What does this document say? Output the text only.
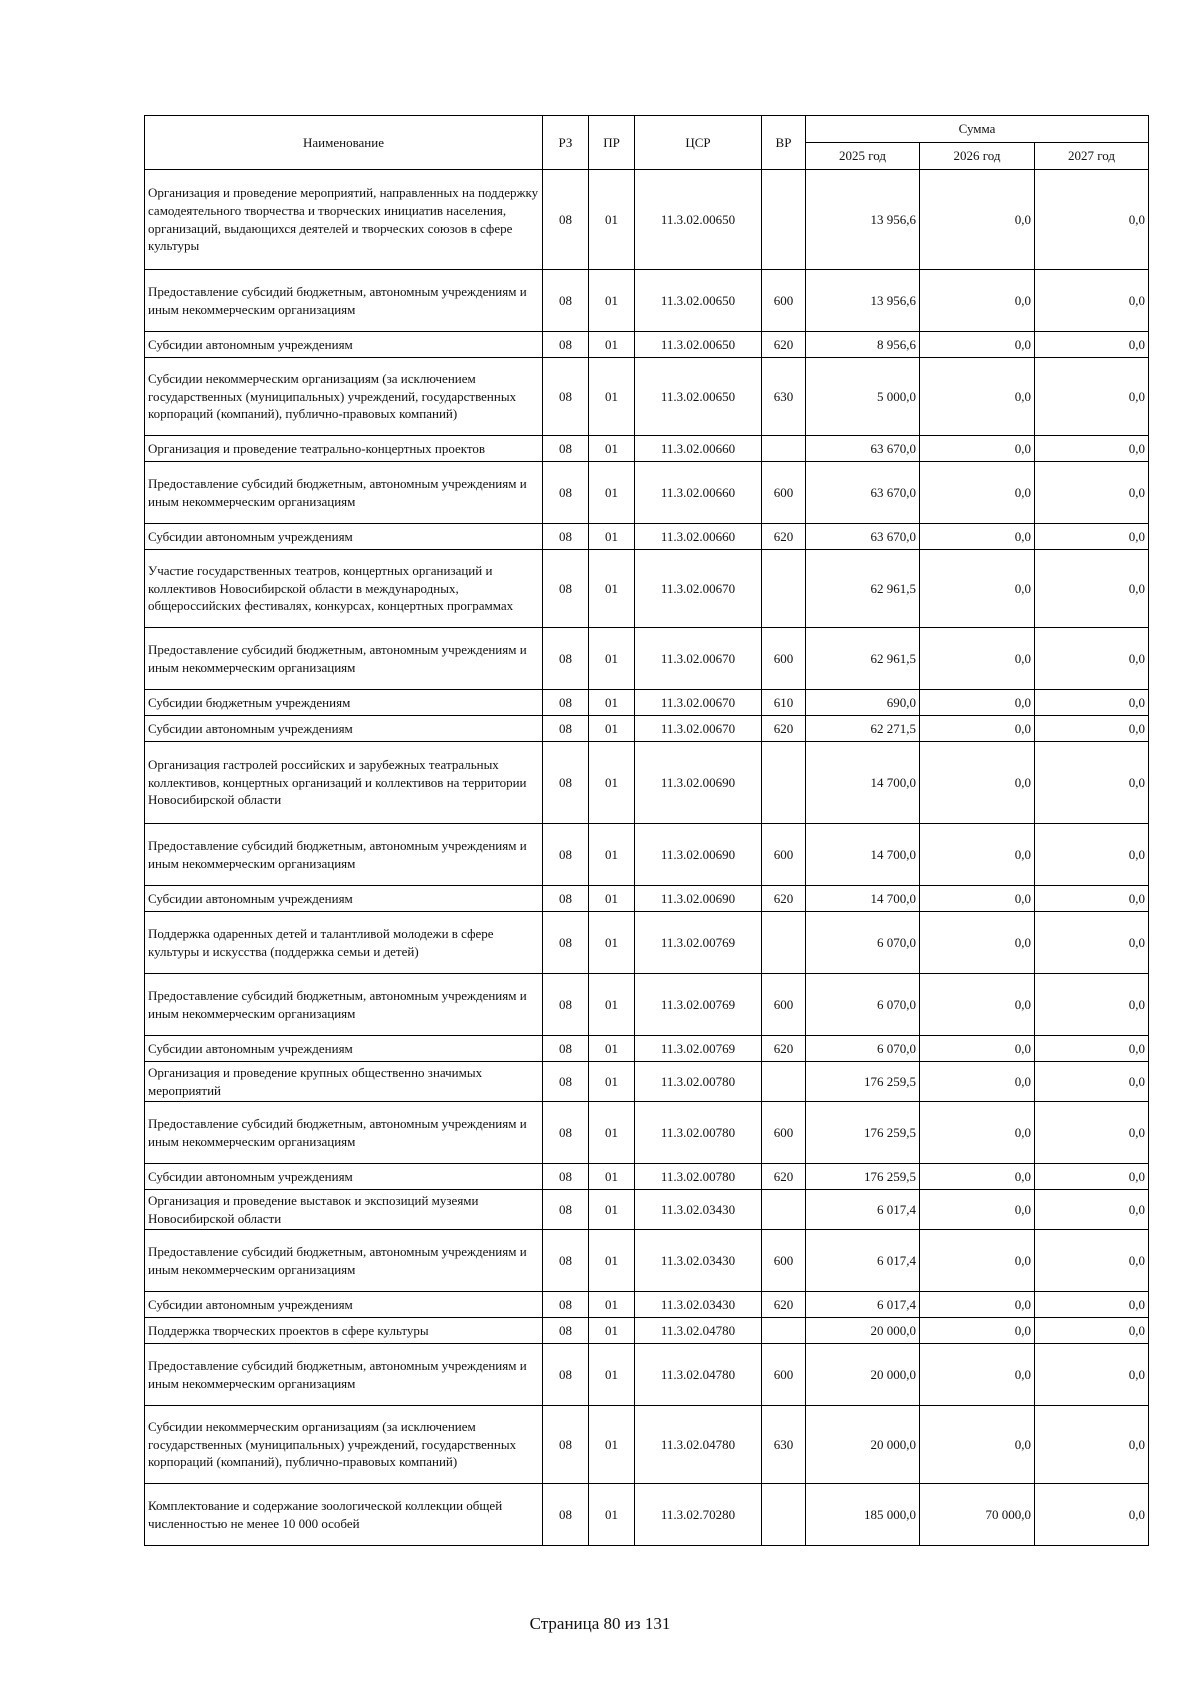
Наименование	РЗ	ПР	ЦСР	ВР	Сумма		
					2025 год	2026 год	2027 год
Организация и проведение мероприятий, направленных на поддержку самодеятельного творчества и творческих инициатив населения, организаций, выдающихся деятелей и творческих союзов в сфере культуры	08	01	11.3.02.00650		13 956,6	0,0	0,0
Предоставление субсидий бюджетным, автономным учреждениям и иным некоммерческим организациям	08	01	11.3.02.00650	600	13 956,6	0,0	0,0
Субсидии автономным учреждениям	08	01	11.3.02.00650	620	8 956,6	0,0	0,0
Субсидии некоммерческим организациям (за исключением государственных (муниципальных) учреждений, государственных корпораций (компаний), публично-правовых компаний)	08	01	11.3.02.00650	630	5 000,0	0,0	0,0
Организация и проведение театрально-концертных проектов	08	01	11.3.02.00660		63 670,0	0,0	0,0
Предоставление субсидий бюджетным, автономным учреждениям и иным некоммерческим организациям	08	01	11.3.02.00660	600	63 670,0	0,0	0,0
Субсидии автономным учреждениям	08	01	11.3.02.00660	620	63 670,0	0,0	0,0
Участие государственных театров, концертных организаций и коллективов Новосибирской области в международных, общероссийских фестивалях, конкурсах, концертных программах	08	01	11.3.02.00670		62 961,5	0,0	0,0
Предоставление субсидий бюджетным, автономным учреждениям и иным некоммерческим организациям	08	01	11.3.02.00670	600	62 961,5	0,0	0,0
Субсидии бюджетным учреждениям	08	01	11.3.02.00670	610	690,0	0,0	0,0
Субсидии автономным учреждениям	08	01	11.3.02.00670	620	62 271,5	0,0	0,0
Организация гастролей российских и зарубежных театральных коллективов, концертных организаций и коллективов на территории Новосибирской области	08	01	11.3.02.00690		14 700,0	0,0	0,0
Предоставление субсидий бюджетным, автономным учреждениям и иным некоммерческим организациям	08	01	11.3.02.00690	600	14 700,0	0,0	0,0
Субсидии автономным учреждениям	08	01	11.3.02.00690	620	14 700,0	0,0	0,0
Поддержка одаренных детей и талантливой молодежи в сфере культуры и искусства (поддержка семьи и детей)	08	01	11.3.02.00769		6 070,0	0,0	0,0
Предоставление субсидий бюджетным, автономным учреждениям и иным некоммерческим организациям	08	01	11.3.02.00769	600	6 070,0	0,0	0,0
Субсидии автономным учреждениям	08	01	11.3.02.00769	620	6 070,0	0,0	0,0
Организация и проведение крупных общественно значимых мероприятий	08	01	11.3.02.00780		176 259,5	0,0	0,0
Предоставление субсидий бюджетным, автономным учреждениям и иным некоммерческим организациям	08	01	11.3.02.00780	600	176 259,5	0,0	0,0
Субсидии автономным учреждениям	08	01	11.3.02.00780	620	176 259,5	0,0	0,0
Организация и проведение выставок и экспозиций музеями Новосибирской области	08	01	11.3.02.03430		6 017,4	0,0	0,0
Предоставление субсидий бюджетным, автономным учреждениям и иным некоммерческим организациям	08	01	11.3.02.03430	600	6 017,4	0,0	0,0
Субсидии автономным учреждениям	08	01	11.3.02.03430	620	6 017,4	0,0	0,0
Поддержка творческих проектов в сфере культуры	08	01	11.3.02.04780		20 000,0	0,0	0,0
Предоставление субсидий бюджетным, автономным учреждениям и иным некоммерческим организациям	08	01	11.3.02.04780	600	20 000,0	0,0	0,0
Субсидии некоммерческим организациям (за исключением государственных (муниципальных) учреждений, государственных корпораций (компаний), публично-правовых компаний)	08	01	11.3.02.04780	630	20 000,0	0,0	0,0
Комплектование и содержание зоологической коллекции общей численностью не менее 10 000 особей	08	01	11.3.02.70280		185 000,0	70 000,0	0,0
Страница 80 из 131
